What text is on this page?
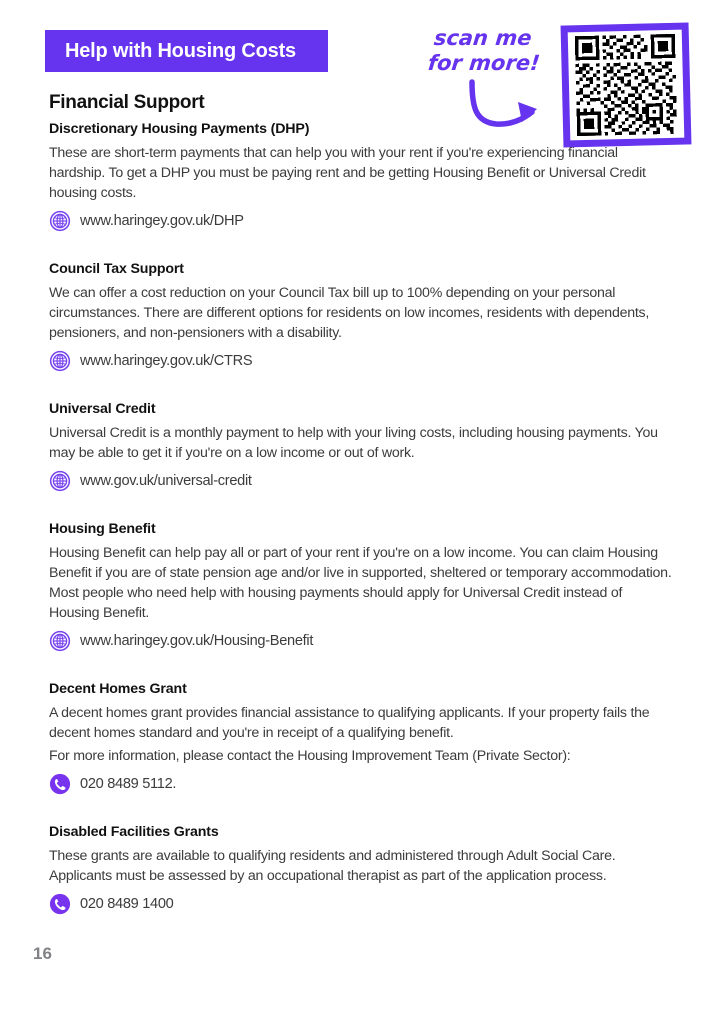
Help with Housing Costs
scan me
for more!
Financial Support
Discretionary Housing Payments (DHP)

These are short-term payments that can help you with your rent if you're experiencing financial hardship. To get a DHP you must be paying rent and be getting Housing Benefit or Universal Credit housing costs.

www.haringey.gov.uk/DHP
Council Tax Support

We can offer a cost reduction on your Council Tax bill up to 100% depending on your personal circumstances. There are different options for residents on low incomes, residents with dependents, pensioners, and non-pensioners with a disability.

www.haringey.gov.uk/CTRS
Universal Credit

Universal Credit is a monthly payment to help with your living costs, including housing payments. You may be able to get it if you're on a low income or out of work.

www.gov.uk/universal-credit
Housing Benefit

Housing Benefit can help pay all or part of your rent if you're on a low income. You can claim Housing Benefit if you are of state pension age and/or live in supported, sheltered or temporary accommodation. Most people who need help with housing payments should apply for Universal Credit instead of Housing Benefit.

www.haringey.gov.uk/Housing-Benefit
Decent Homes Grant

A decent homes grant provides financial assistance to qualifying applicants. If your property fails the decent homes standard and you're in receipt of a qualifying benefit.

For more information, please contact the Housing Improvement Team (Private Sector):

020 8489 5112.
Disabled Facilities Grants

These grants are available to qualifying residents and administered through Adult Social Care. Applicants must be assessed by an occupational therapist as part of the application process.

020 8489 1400
16
